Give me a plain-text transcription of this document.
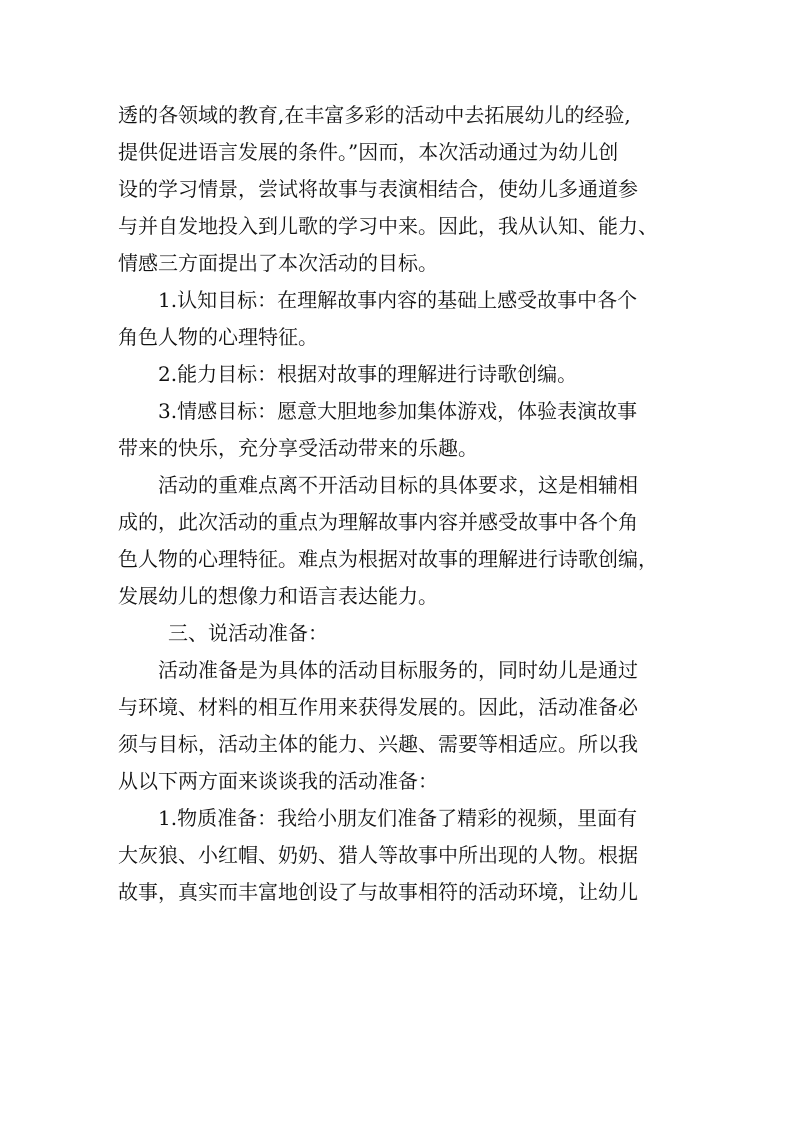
透的各领域的教育,在丰富多彩的活动中去拓展幼儿的经验,
提供促进语言发展的条件。”因而，本次活动通过为幼儿创
设的学习情景，尝试将故事与表演相结合，使幼儿多通道参
与并自发地投入到儿歌的学习中来。因此，我从认知、能力、
情感三方面提出了本次活动的目标。
1.认知目标：在理解故事内容的基础上感受故事中各个
角色人物的心理特征。
2.能力目标：根据对故事的理解进行诗歌创编。
3.情感目标：愿意大胆地参加集体游戏，体验表演故事
带来的快乐，充分享受活动带来的乐趣。
活动的重难点离不开活动目标的具体要求，这是相辅相
成的，此次活动的重点为理解故事内容并感受故事中各个角
色人物的心理特征。难点为根据对故事的理解进行诗歌创编，
发展幼儿的想像力和语言表达能力。
三、说活动准备：
活动准备是为具体的活动目标服务的，同时幼儿是通过
与环境、材料的相互作用来获得发展的。因此，活动准备必
须与目标，活动主体的能力、兴趣、需要等相适应。所以我
从以下两方面来谈谈我的活动准备：
1.物质准备：我给小朋友们准备了精彩的视频，里面有
大灰狼、小红帽、奶奶、猎人等故事中所出现的人物。根据
故事，真实而丰富地创设了与故事相符的活动环境，让幼儿
